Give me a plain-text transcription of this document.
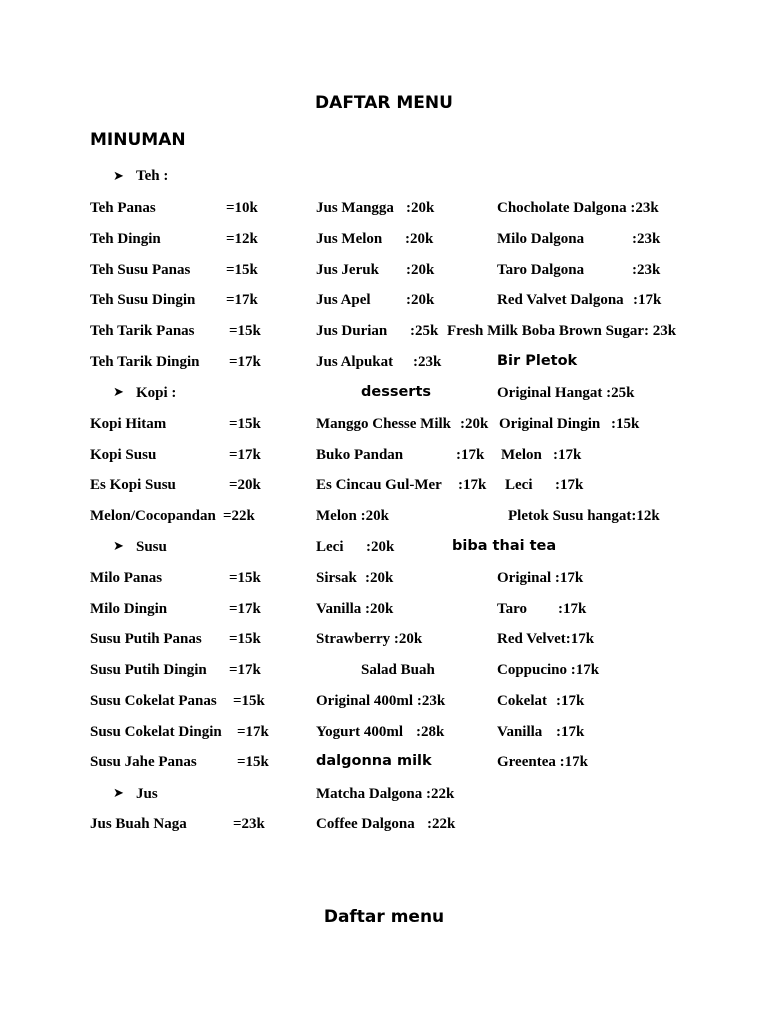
DAFTAR MENU
MINUMAN
Daftar menu
➤ Teh :
Teh Panas	=10k
Teh Dingin	=12k
Teh Susu Panas =15k
Teh Susu Dingin =17k
Teh Tarik Panas =15k
Teh Tarik Dingin =17k
➤ Kopi :
Kopi Hitam	=15k
Kopi Susu	=17k
Es Kopi Susu	=20k
Melon/Cocopandan =22k
➤ Susu
Milo Panas	=15k
Milo Dingin	=17k
Susu Putih Panas =15k
Susu Putih Dingin =17k
Susu Cokelat Panas =15k
Susu Cokelat Dingin =17k
Susu Jahe Panas	=15k
➤ Jus
Jus Buah Naga	=23k
Jus Mangga :20k
Jus Melon :20k
Jus Jeruk :20k
Jus Apel :20k
Jus Durian :25k
Jus Alpukat :23k
desserts
Manggo Chesse Milk :20k
Buko Pandan	:17k
Es Cincau Gul-Mer :17k
Melon :20k
Leci :20k
Sirsak :20k
Vanilla :20k
Strawberry :20k
Salad Buah
Original 400ml :23k
Yogurt 400ml :28k
dalgonna milk
Matcha Dalgona :22k
Coffee Dalgona :22k
Chocholate Dalgona :23k
Milo Dalgona	:23k
Taro Dalgona	:23k
Red Valvet Dalgona :17k
Fresh Milk Boba Brown Sugar: 23k
Bir Pletok
Original Hangat :25k
Original Dingin :15k
Melon :17k
Leci :17k
Pletok Susu hangat:12k
biba thai tea
Original :17k
Taro :17k
Red Velvet:17k
Coppucino :17k
Cokelat :17k
Vanilla :17k
Greentea :17k
